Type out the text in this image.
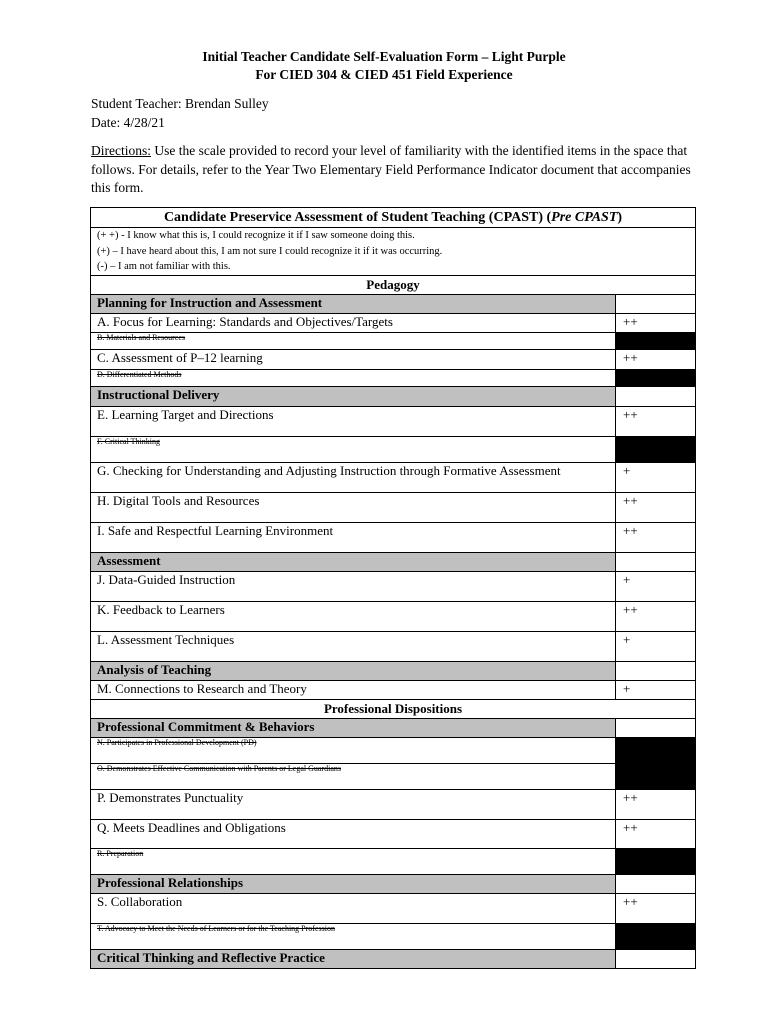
Initial Teacher Candidate Self-Evaluation Form – Light Purple
For CIED 304 & CIED 451 Field Experience
Student Teacher: Brendan Sulley
Date: 4/28/21
Directions: Use the scale provided to record your level of familiarity with the identified items in the space that follows. For details, refer to the Year Two Elementary Field Performance Indicator document that accompanies this form.
Candidate Preservice Assessment of Student Teaching (CPAST) (Pre CPAST)	

(+ +) - I know what this is, I could recognize it if I saw someone doing this.
(+) – I have heard about this, I am not sure I could recognize it if it was occurring.
(-) – I am not familiar with this.	

Pedagogy	
Planning for Instruction and Assessment	
A. Focus for Learning: Standards and Objectives/Targets	++
B. Materials and Resources	
C. Assessment of P–12 learning	++
D. Differentiated Methods	
Instructional Delivery	
E. Learning Target and Directions	++
F. Critical Thinking	
G. Checking for Understanding and Adjusting Instruction through Formative Assessment	+
H. Digital Tools and Resources	++
I. Safe and Respectful Learning Environment	++
Assessment	
J. Data-Guided Instruction	+
K. Feedback to Learners	++
L. Assessment Techniques	+
Analysis of Teaching	
M. Connections to Research and Theory	+
Professional Dispositions	
Professional Commitment & Behaviors	
N. Participates in Professional Development (PD)	
O. Demonstrates Effective Communication with Parents or Legal Guardians	
P. Demonstrates Punctuality	++
Q. Meets Deadlines and Obligations	++
R. Preparation	
Professional Relationships	
S. Collaboration	++
T. Advocacy to Meet the Needs of Learners or for the Teaching Profession	
Critical Thinking and Reflective Practice	
